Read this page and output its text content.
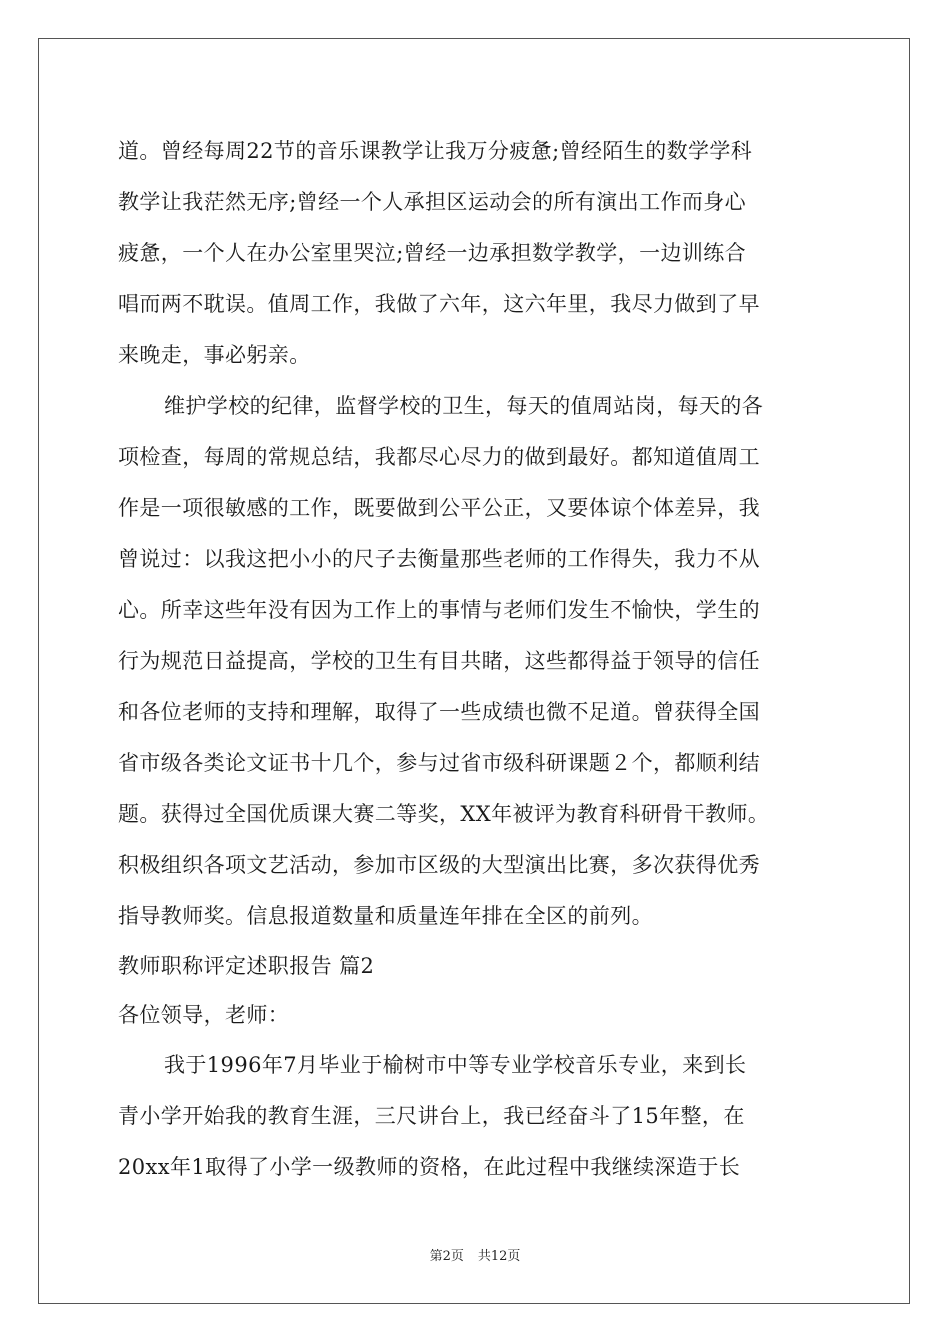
道。曾经每周22节的音乐课教学让我万分疲惫;曾经陌生的数学学科
教学让我茫然无序;曾经一个人承担区运动会的所有演出工作而身心
疲惫，一个人在办公室里哭泣;曾经一边承担数学教学，一边训练合
唱而两不耽误。值周工作，我做了六年，这六年里，我尽力做到了早
来晚走，事必躬亲。
维护学校的纪律，监督学校的卫生，每天的值周站岗，每天的各
项检查，每周的常规总结，我都尽心尽力的做到最好。都知道值周工
作是一项很敏感的工作，既要做到公平公正，又要体谅个体差异，我
曾说过：以我这把小小的尺子去衡量那些老师的工作得失，我力不从
心。所幸这些年没有因为工作上的事情与老师们发生不愉快，学生的
行为规范日益提高，学校的卫生有目共睹，这些都得益于领导的信任
和各位老师的支持和理解，取得了一些成绩也微不足道。曾获得全国
省市级各类论文证书十几个，参与过省市级科研课题２个，都顺利结
题。获得过全国优质课大赛二等奖，XX年被评为教育科研骨干教师。
积极组织各项文艺活动，参加市区级的大型演出比赛，多次获得优秀
指导教师奖。信息报道数量和质量连年排在全区的前列。
教师职称评定述职报告 篇2
各位领导，老师：
我于1996年7月毕业于榆树市中等专业学校音乐专业，来到长
青小学开始我的教育生涯，三尺讲台上，我已经奋斗了15年整，在
20xx年1取得了小学一级教师的资格，在此过程中我继续深造于长
第2页 共12页
